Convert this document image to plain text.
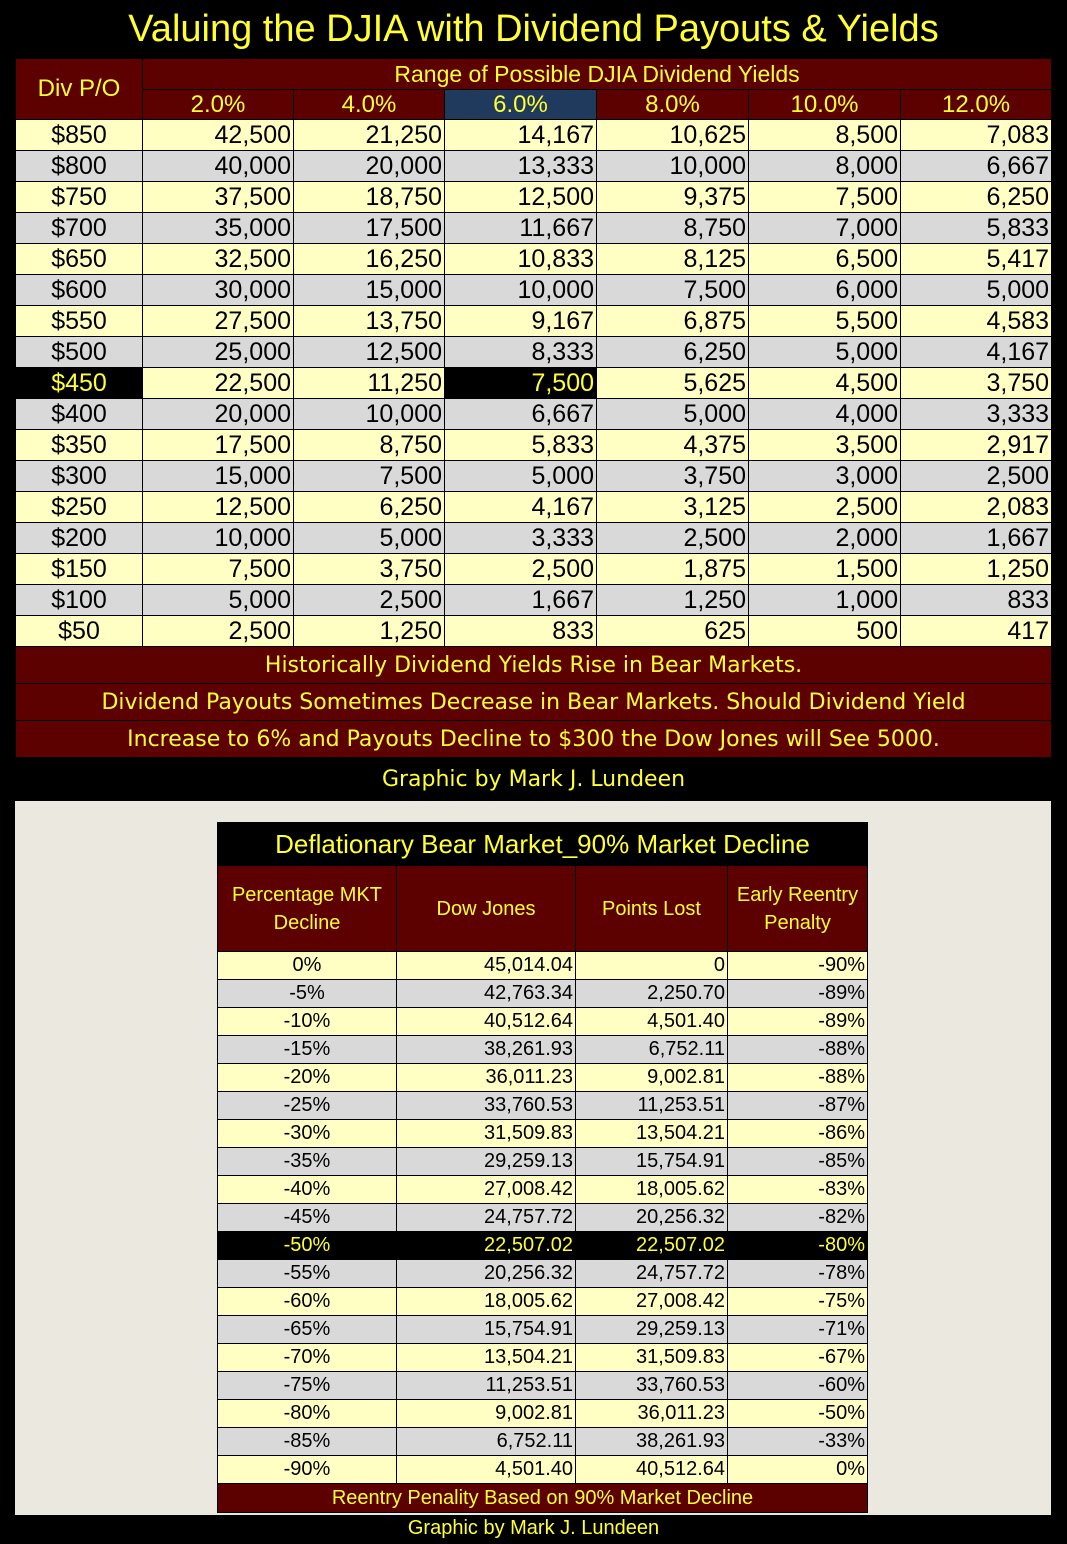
Valuing the DJIA with Dividend Payouts & Yields
Div P/O	Range of Possible DJIA Dividend Yields					
	2.0%	4.0%	6.0%	8.0%	10.0%	12.0%
$850	42,500	21,250	14,167	10,625	8,500	7,083
$800	40,000	20,000	13,333	10,000	8,000	6,667
$750	37,500	18,750	12,500	9,375	7,500	6,250
$700	35,000	17,500	11,667	8,750	7,000	5,833
$650	32,500	16,250	10,833	8,125	6,500	5,417
$600	30,000	15,000	10,000	7,500	6,000	5,000
$550	27,500	13,750	9,167	6,875	5,500	4,583
$500	25,000	12,500	8,333	6,250	5,000	4,167
$450	22,500	11,250	7,500	5,625	4,500	3,750
$400	20,000	10,000	6,667	5,000	4,000	3,333
$350	17,500	8,750	5,833	4,375	3,500	2,917
$300	15,000	7,500	5,000	3,750	3,000	2,500
$250	12,500	6,250	4,167	3,125	2,500	2,083
$200	10,000	5,000	3,333	2,500	2,000	1,667
$150	7,500	3,750	2,500	1,875	1,500	1,250
$100	5,000	2,500	1,667	1,250	1,000	833
$50	2,500	1,250	833	625	500	417
Historically Dividend Yields Rise in Bear Markets.						
Dividend Payouts Sometimes Decrease in Bear Markets. Should Dividend Yield						
Increase to 6% and Payouts Decline to $300 the Dow Jones will See 5000.						
Graphic by Mark J. Lundeen
Deflationary Bear Market_90% Market Decline			
Percentage MKT Decline	Dow Jones	Points Lost	Early Reentry Penalty
0%	45,014.04	0	-90%
-5%	42,763.34	2,250.70	-89%
-10%	40,512.64	4,501.40	-89%
-15%	38,261.93	6,752.11	-88%
-20%	36,011.23	9,002.81	-88%
-25%	33,760.53	11,253.51	-87%
-30%	31,509.83	13,504.21	-86%
-35%	29,259.13	15,754.91	-85%
-40%	27,008.42	18,005.62	-83%
-45%	24,757.72	20,256.32	-82%
-50%	22,507.02	22,507.02	-80%
-55%	20,256.32	24,757.72	-78%
-60%	18,005.62	27,008.42	-75%
-65%	15,754.91	29,259.13	-71%
-70%	13,504.21	31,509.83	-67%
-75%	11,253.51	33,760.53	-60%
-80%	9,002.81	36,011.23	-50%
-85%	6,752.11	38,261.93	-33%
-90%	4,501.40	40,512.64	0%
Reentry Penality Based on 90% Market Decline			
Graphic by Mark J. Lundeen
